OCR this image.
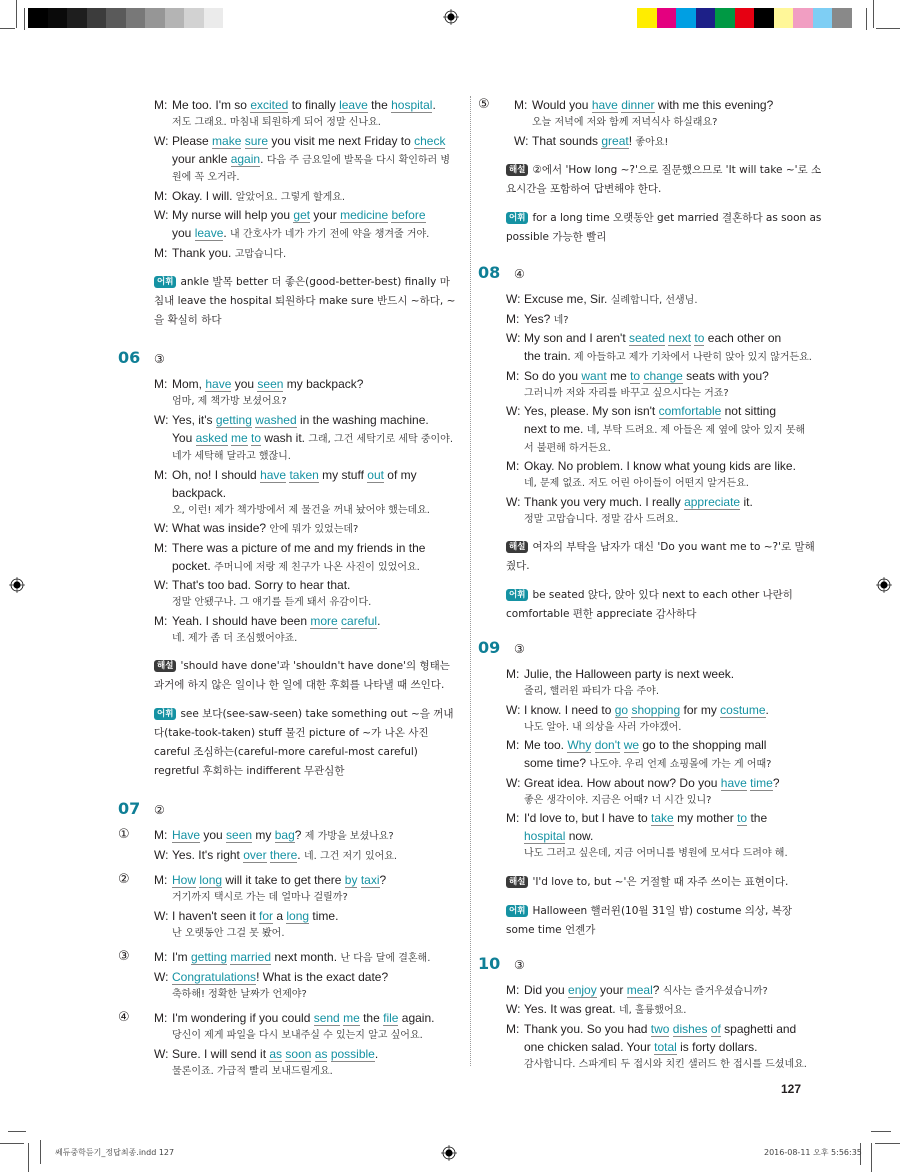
M: Me too. I'm so excited to finally leave the hospital.
저도 그래요. 마침내 퇴원하게 되어 정말 신나요.
W: Please make sure you visit me next Friday to check
your ankle again. 다음 주 금요일에 발목을 다시 확인하러 병
원에 꼭 오거라.
M: Okay. I will. 알았어요. 그렇게 할게요.
W: My nurse will help you get your medicine before
you leave. 내 간호사가 네가 가기 전에 약을 챙겨줄 거야.
M: Thank you. 고맙습니다.
어휘 ankle 발목 better 더 좋은(good-better-best) finally 마침내 leave the hospital 퇴원하다 make sure 반드시 ~하다, ~을 확실히 하다
06	③
M: Mom, have you seen my backpack?
엄마, 제 책가방 보셨어요?
W: Yes, it's getting washed in the washing machine.
You asked me to wash it. 그래, 그건 세탁기로 세탁 중이야.
네가 세탁해 달라고 했잖니.
M: Oh, no! I should have taken my stuff out of my
backpack.
오, 이런! 제가 책가방에서 제 물건을 꺼내 놨어야 했는데요.
W: What was inside? 안에 뭐가 있었는데?
M: There was a picture of me and my friends in the
pocket. 주머니에 저랑 제 친구가 나온 사진이 있었어요.
W: That's too bad. Sorry to hear that.
정말 안됐구나. 그 얘기를 듣게 돼서 유감이다.
M: Yeah. I should have been more careful.
네. 제가 좀 더 조심했어야죠.
해설 'should have done'과 'shouldn't have done'의 형태는 과거에 하지 않은 일이나 한 일에 대한 후회를 나타낼 때 쓰인다.
어휘 see 보다(see-saw-seen) take something out ~을 꺼내다(take-took-taken) stuff 물건 picture of ~가 나온 사진 careful 조심하는(careful-more careful-most careful) regretful 후회하는 indifferent 무관심한
07	②
①	M: Have you seen my bag? 제 가방을 보셨나요?
W: Yes. It's right over there. 네. 그건 저기 있어요.
②	M: How long will it take to get there by taxi?
거기까지 택시로 가는 데 얼마나 걸릴까?
W: I haven't seen it for a long time.
난 오랫동안 그걸 못 봤어.
③	M: I'm getting married next month. 난 다음 달에 결혼해.
W: Congratulations! What is the exact date?
축하해! 정확한 날짜가 언제야?
④	M: I'm wondering if you could send me the file again.
당신이 제게 파일을 다시 보내주실 수 있는지 알고 싶어요.
W: Sure. I will send it as soon as possible.
물론이죠. 가급적 빨리 보내드릴게요.
⑤	M: Would you have dinner with me this evening?
오늘 저녁에 저와 함께 저녁식사 하실래요?
W: That sounds great! 좋아요!
해설 ②에서 'How long ~?'으로 질문했으므로 'It will take ~'로 소요시간을 포함하여 답변해야 한다.
어휘 for a long time 오랫동안 get married 결혼하다 as soon as possible 가능한 빨리
08	④
W: Excuse me, Sir. 실례합니다, 선생님.
M: Yes? 네?
W: My son and I aren't seated next to each other on
the train. 제 아들하고 제가 기차에서 나란히 앉아 있지 않거든요.
M: So do you want me to change seats with you?
그러니까 저와 자리를 바꾸고 싶으시다는 거죠?
W: Yes, please. My son isn't comfortable not sitting
next to me. 네, 부탁 드려요. 제 아들은 제 옆에 앉아 있지 못해
서 불편해 하거든요.
M: Okay. No problem. I know what young kids are like.
네, 문제 없죠. 저도 어린 아이들이 어떤지 알거든요.
W: Thank you very much. I really appreciate it.
정말 고맙습니다. 정말 감사 드려요.
해설 여자의 부탁을 남자가 대신 'Do you want me to ~?'로 말해줬다.
어휘 be seated 앉다, 앉아 있다 next to each other 나란히 comfortable 편한 appreciate 감사하다
09	③
M: Julie, the Halloween party is next week.
줄리, 핼러윈 파티가 다음 주야.
W: I know. I need to go shopping for my costume.
나도 알아. 내 의상을 사러 가야겠어.
M: Me too. Why don't we go to the shopping mall
some time? 나도야. 우리 언제 쇼핑몰에 가는 게 어때?
W: Great idea. How about now? Do you have time?
좋은 생각이야. 지금은 어때? 너 시간 있니?
M: I'd love to, but I have to take my mother to the
hospital now.
나도 그러고 싶은데, 지금 어머니를 병원에 모셔다 드려야 해.
해설 'I'd love to, but ~'은 거절할 때 자주 쓰이는 표현이다.
어휘 Halloween 핼러윈(10월 31일 밤) costume 의상, 복장 some time 언젠가
10	③
M: Did you enjoy your meal? 식사는 즐거우셨습니까?
W: Yes. It was great. 네, 훌륭했어요.
M: Thank you. So you had two dishes of spaghetti and
one chicken salad. Your total is forty dollars.
감사합니다. 스파게티 두 접시와 치킨 샐러드 한 접시를 드셨네요.
127
쎄듀중학듣기_정답최종.indd 127	2016-08-11 오후 5:56:35
